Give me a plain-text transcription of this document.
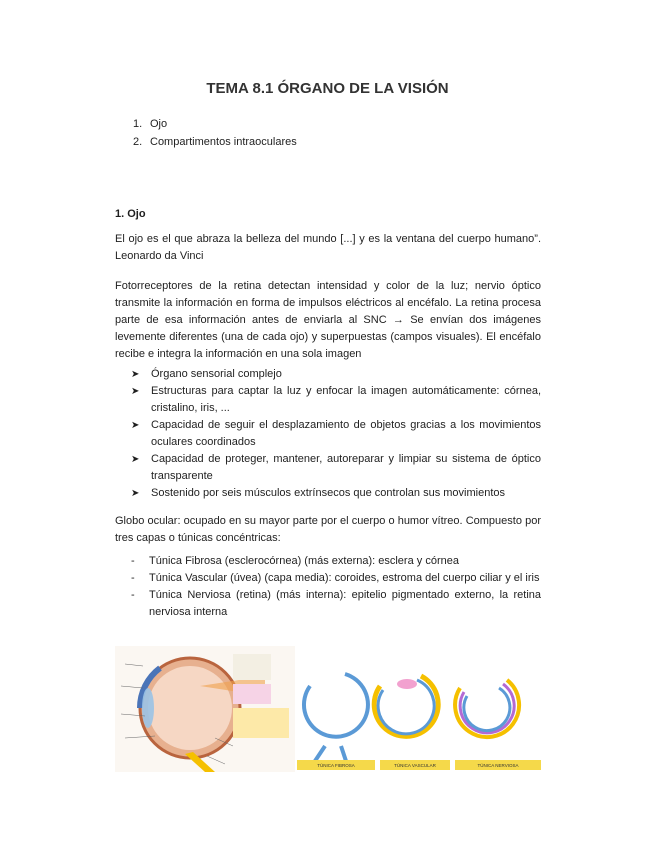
TEMA 8.1 ÓRGANO DE LA VISIÓN
1. Ojo
2. Compartimentos intraoculares
1. Ojo
El ojo es el que abraza la belleza del mundo [...] y es la ventana del cuerpo humano”.
Leonardo da Vinci
Fotorreceptores de la retina detectan intensidad y color de la luz; nervio óptico transmite la información en forma de impulsos eléctricos al encéfalo. La retina procesa parte de esa información antes de enviarla al SNC → Se envían dos imágenes levemente diferentes (una de cada ojo) y superpuestas (campos visuales). El encéfalo recibe e integra la información en una sola imagen
➤	Órgano sensorial complejo
➤	Estructuras para captar la luz y enfocar la imagen automáticamente: córnea, cristalino, iris, ...
➤	Capacidad de seguir el desplazamiento de objetos gracias a los movimientos oculares coordinados
➤	Capacidad de proteger, mantener, autoreparar y limpiar su sistema de óptico transparente
➤	Sostenido por seis músculos extrínsecos que controlan sus movimientos
Globo ocular: ocupado en su mayor parte por el cuerpo o humor vítreo. Compuesto por tres capas o túnicas concéntricas:
-	Túnica Fibrosa (esclerocórnea) (más externa): esclera y córnea
-	Túnica Vascular (úvea) (capa media): coroides, estroma del cuerpo ciliar y el iris
-	Túnica Nerviosa (retina) (más interna): epitelio pigmentado externo, la retina nerviosa interna
TÚNICA FIBROSA	TÚNICA VASCULAR	TÚNICA NERVIOSA
